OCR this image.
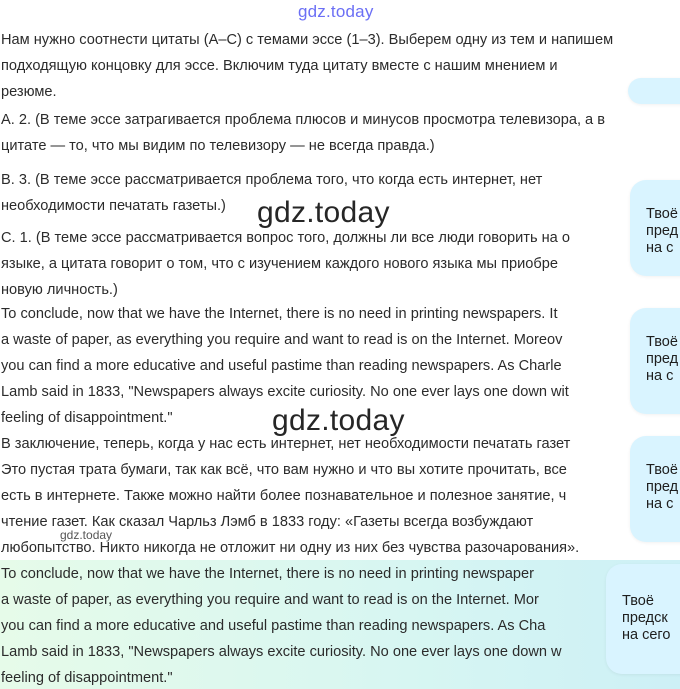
gdz.today
Нам нужно соотнести цитаты (A–C) с темами эссе (1–3). Выберем одну из тем и напишем
подходящую концовку для эссе. Включим туда цитату вместе с нашим мнением и
резюме.
A. 2. (В теме эссе затрагивается проблема плюсов и минусов просмотра телевизора, а в
цитате — то, что мы видим по телевизору — не всегда правда.)
B. 3. (В теме эссе рассматривается проблема того, что когда есть интернет, нет
необходимости печатать газеты.)
C. 1. (В теме эссе рассматривается вопрос того, должны ли все люди говорить на о
языке, а цитата говорит о том, что с изучением каждого нового языка мы приобре
новую личность.)
To conclude, now that we have the Internet, there is no need in printing newspapers. It
a waste of paper, as everything you require and want to read is on the Internet. Moreov
you can find a more educative and useful pastime than reading newspapers. As Charle
Lamb said in 1833, "Newspapers always excite curiosity. No one ever lays one down wit
feeling of disappointment."
В заключение, теперь, когда у нас есть интернет, нет необходимости печатать газет
Это пустая трата бумаги, так как всё, что вам нужно и что вы хотите прочитать, все
есть в интернете. Также можно найти более познавательное и полезное занятие, ч
чтение газет. Как сказал Чарльз Лэмб в 1833 году: «Газеты всегда возбуждают
любопытство. Никто никогда не отложит ни одну из них без чувства разочарования».
To conclude, now that we have the Internet, there is no need in printing newspaper
a waste of paper, as everything you require and want to read is on the Internet. Mor
you can find a more educative and useful pastime than reading newspapers. As Cha
Lamb said in 1833, "Newspapers always excite curiosity. No one ever lays one down w
feeling of disappointment."
gdz.today
gdz.today
gdz.today
Твоё
пред
на с
Твоё
пред
на с
Твоё
пред
на с
Твоё
предск
на сего
